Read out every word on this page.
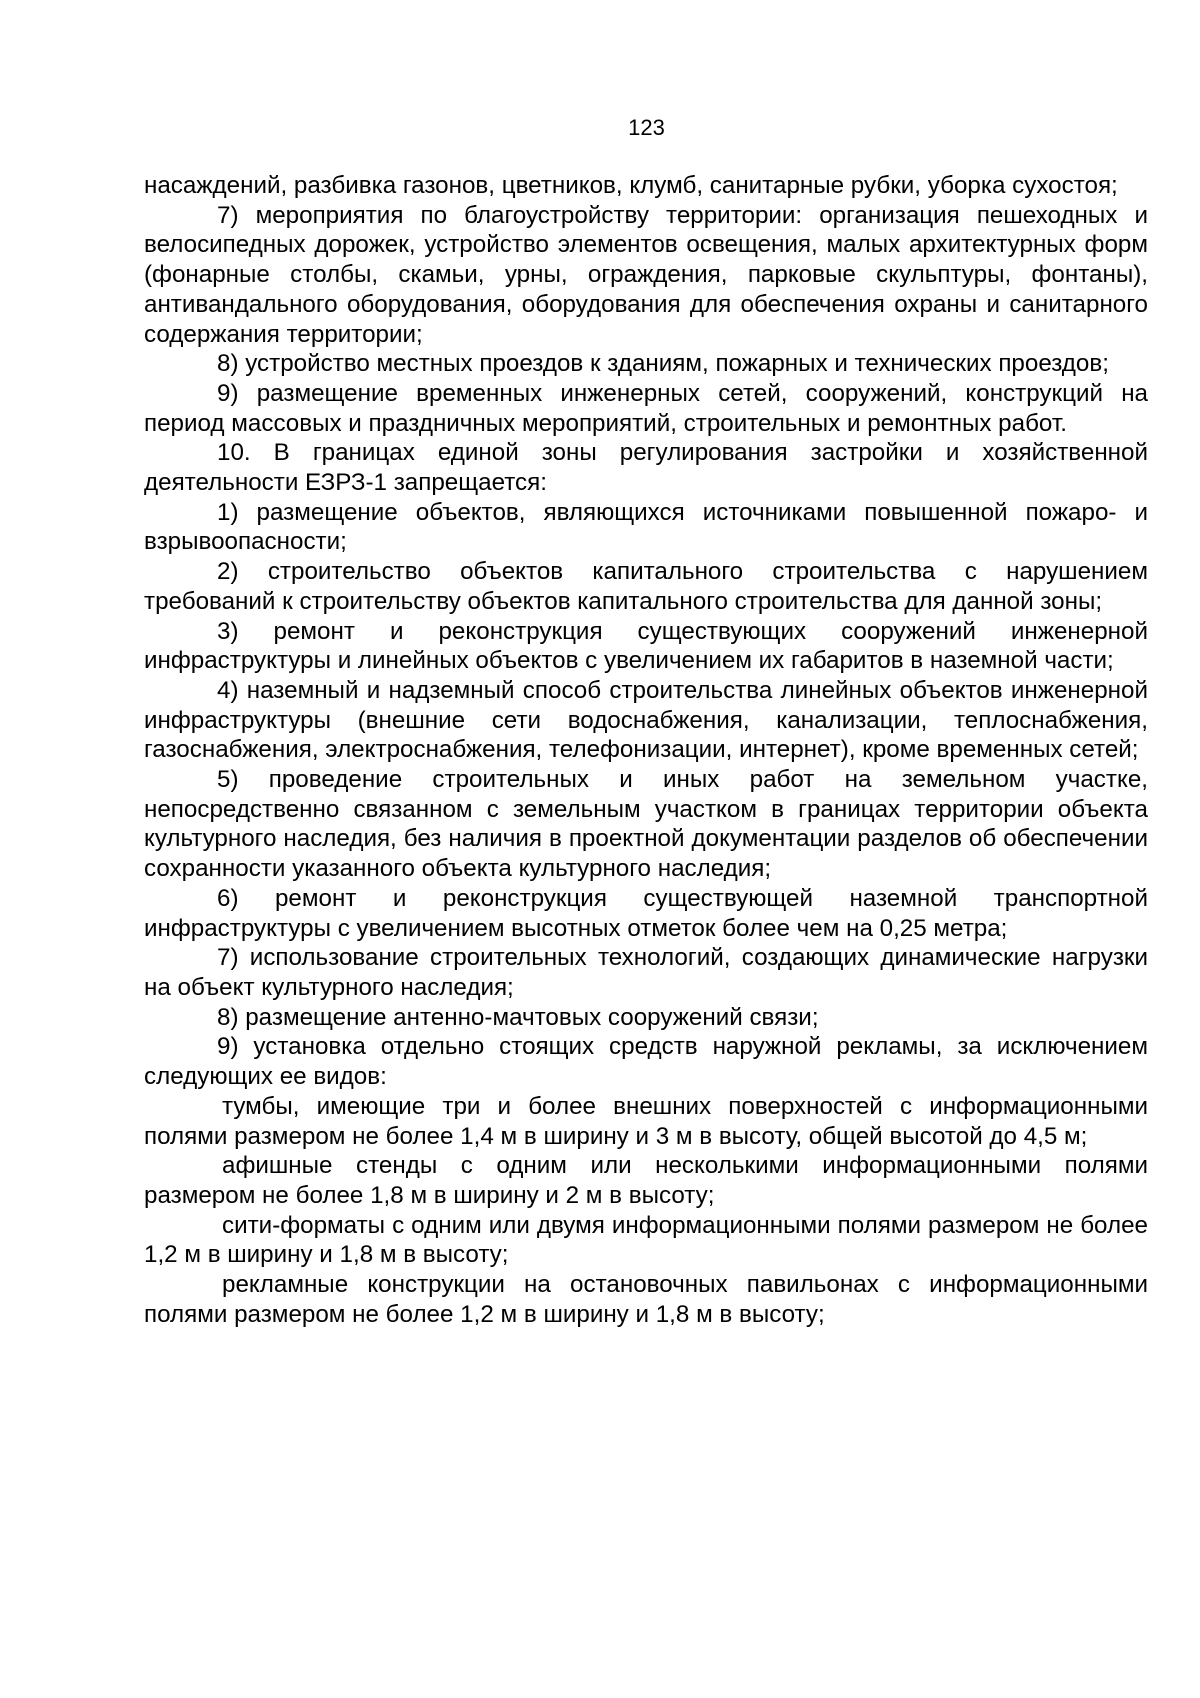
123

насаждений, разбивка газонов, цветников, клумб, санитарные рубки, уборка сухостоя;

7) мероприятия по благоустройству территории: организация пешеходных и велосипедных дорожек, устройство элементов освещения, малых архитектурных форм (фонарные столбы, скамьи, урны, ограждения, парковые скульптуры, фонтаны), антивандального оборудования, оборудования для обеспечения охраны и санитарного содержания территории;

8) устройство местных проездов к зданиям, пожарных и технических проездов;

9) размещение временных инженерных сетей, сооружений, конструкций на период массовых и праздничных мероприятий, строительных и ремонтных работ.

10. В границах единой зоны регулирования застройки и хозяйственной деятельности ЕЗРЗ-1 запрещается:

1) размещение объектов, являющихся источниками повышенной пожаро- и взрывоопасности;

2) строительство объектов капитального строительства с нарушением требований к строительству объектов капитального строительства для данной зоны;

3) ремонт и реконструкция существующих сооружений инженерной инфраструктуры и линейных объектов с увеличением их габаритов в наземной части;

4) наземный и надземный способ строительства линейных объектов инженерной инфраструктуры (внешние сети водоснабжения, канализации, теплоснабжения, газоснабжения, электроснабжения, телефонизации, интернет), кроме временных сетей;

5) проведение строительных и иных работ на земельном участке, непосредственно связанном с земельным участком в границах территории объекта культурного наследия, без наличия в проектной документации разделов об обеспечении сохранности указанного объекта культурного наследия;

6) ремонт и реконструкция существующей наземной транспортной инфраструктуры с увеличением высотных отметок более чем на 0,25 метра;

7) использование строительных технологий, создающих динамические нагрузки на объект культурного наследия;

8) размещение антенно-мачтовых сооружений связи;

9) установка отдельно стоящих средств наружной рекламы, за исключением следующих ее видов:

тумбы, имеющие три и более внешних поверхностей с информационными полями размером не более 1,4 м в ширину и 3 м в высоту, общей высотой до 4,5 м;

афишные стенды с одним или несколькими информационными полями размером не более 1,8 м в ширину и 2 м в высоту;

сити-форматы с одним или двумя информационными полями размером не более 1,2 м в ширину и 1,8 м в высоту;

рекламные конструкции на остановочных павильонах с информационными полями размером не более 1,2 м в ширину и 1,8 м в высоту;
